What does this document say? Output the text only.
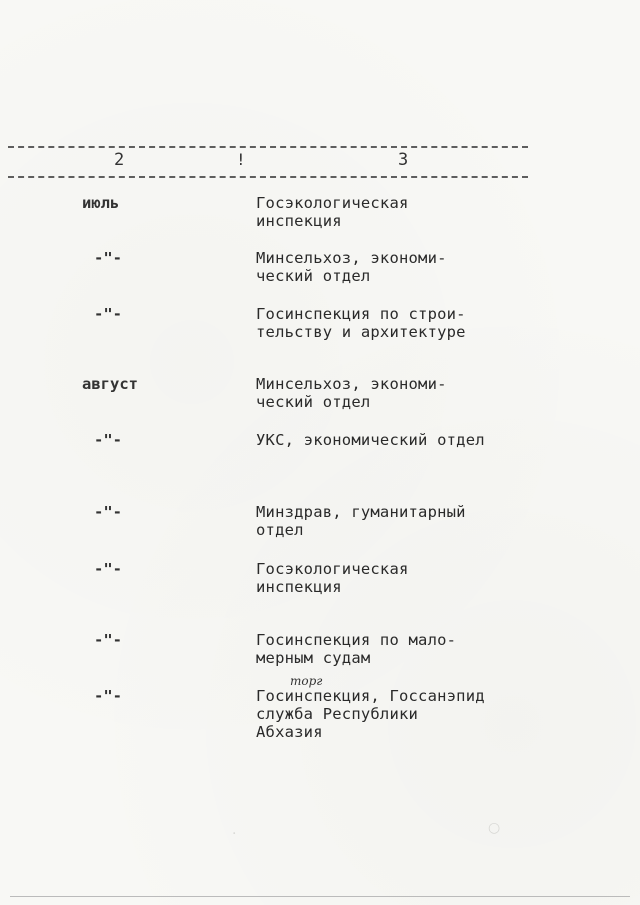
2	!	3
июль	Госэкологическая
инспекция
-"-	Минсельхоз, экономи-
ческий отдел
-"-	Госинспекция по строи-
тельству и архитектуре
август	Минсельхоз, экономи-
ческий отдел
-"-	УКС, экономический отдел
-"-	Минздрав, гуманитарный
отдел
-"-	Госэкологическая
инспекция
-"-	Госинспекция по мало-
мерным судам
-"-	Госинспекция, Госсанэпид
служба Республики
Абхазия
торг
·	○
